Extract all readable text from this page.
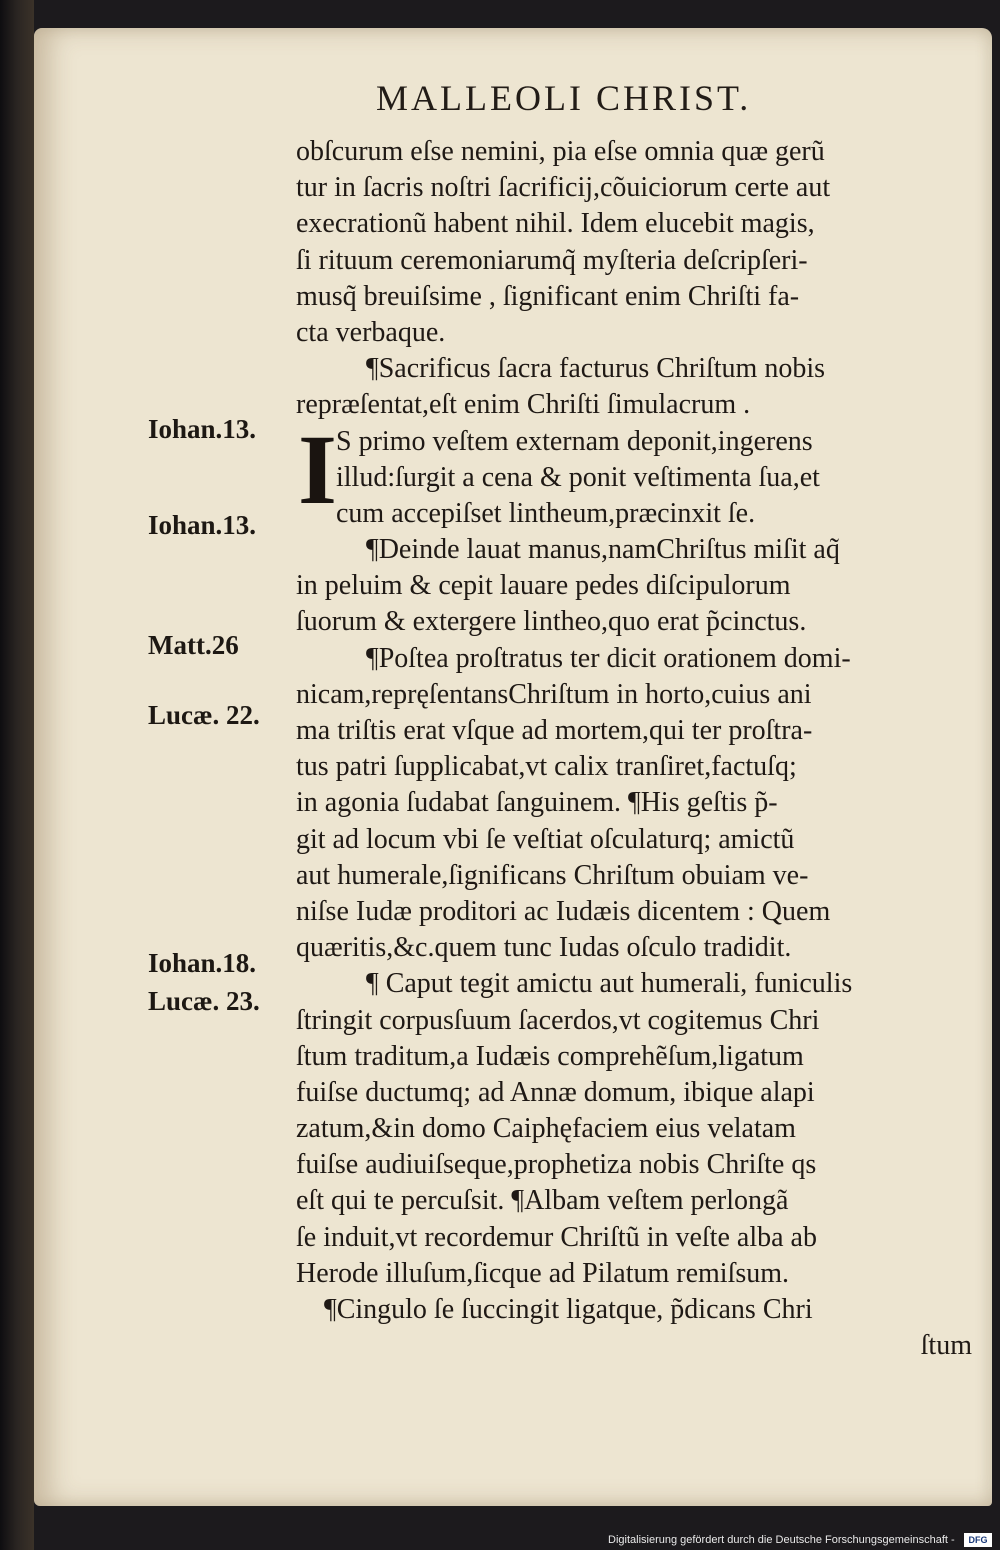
MALLEOLI CHRIST.
Iohan.13.
Iohan.13.
Matt.26
Lucæ. 22.
Iohan.18.
Lucæ. 23.
I
obſcurum eſse nemini, pia eſse omnia quæ gerũ
tur in ſacris noſtri ſacrificij,cõuiciorum certe aut
execrationũ habent nihil. Idem elucebit magis,
ſi rituum ceremoniarumq̃ myſteria deſcripſeri-
musq̃ breuiſsime , ſignificant enim Chriſti fa-
cta verbaque.
¶Sacrificus ſacra facturus Chriſtum nobis
repræſentat,eſt enim Chriſti ſimulacrum .
S primo veſtem externam deponit,ingerens
illud:ſurgit a cena & ponit veſtimenta ſua,et
cum accepiſset lintheum,præcinxit ſe.
¶Deinde lauat manus,namChriſtus miſit aq̃
in peluim & cepit lauare pedes diſcipulorum
ſuorum & extergere lintheo,quo erat p̃cinctus.
¶Poſtea proſtratus ter dicit orationem domi-
nicam,repręſentansChriſtum in horto,cuius ani
ma triſtis erat vſque ad mortem,qui ter proſtra-
tus patri ſupplicabat,vt calix tranſiret,factuſq;
in agonia ſudabat ſanguinem. ¶His geſtis p̃-
git ad locum vbi ſe veſtiat oſculaturq; amictũ
aut humerale,ſignificans Chriſtum obuiam ve-
niſse Iudæ proditori ac Iudæis dicentem : Quem
quæritis,&c.quem tunc Iudas oſculo tradidit.
¶ Caput tegit amictu aut humerali, funiculis
ſtringit corpusſuum ſacerdos,vt cogitemus Chri
ſtum traditum,a Iudæis comprehẽſum,ligatum
fuiſse ductumq; ad Annæ domum, ibique alapi
zatum,&in domo Caiphęfaciem eius velatam
fuiſse audiuiſseque,prophetiza nobis Chriſte qs
eſt qui te percuſsit. ¶Albam veſtem perlongã
ſe induit,vt recordemur Chriſtũ in veſte alba ab
Herode illuſum,ſicque ad Pilatum remiſsum.
¶Cingulo ſe ſuccingit ligatque, p̃dicans Chri
ſtum
Digitalisierung gefördert durch die Deutsche Forschungsgemeinschaft -	DFG
